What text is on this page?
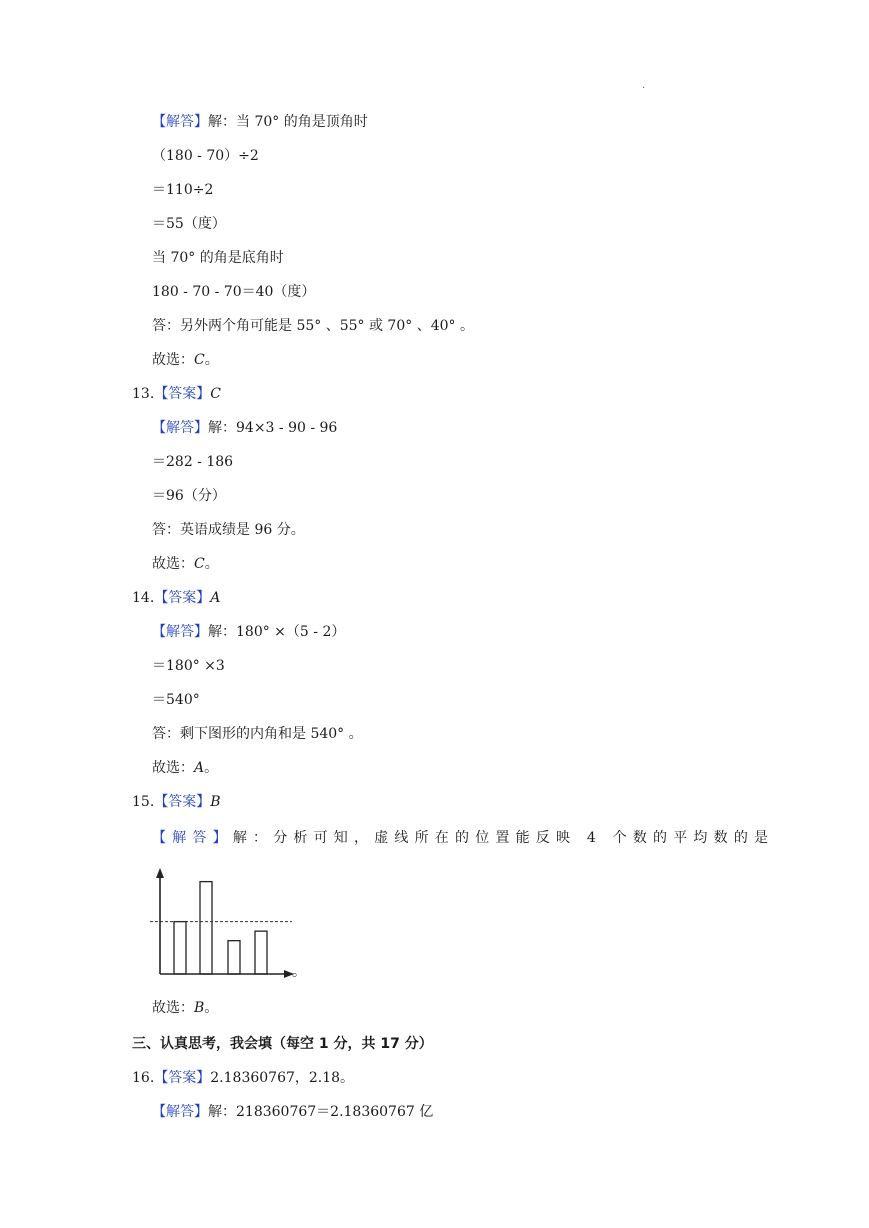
.
【解答】解：当 70° 的角是顶角时
（180 - 70）÷2
＝110÷2
＝55（度）
当 70° 的角是底角时
180 - 70 - 70＝40（度）
答：另外两个角可能是 55° 、55° 或 70° 、40° 。
故选：C。
13.【答案】C
【解答】解：94×3 - 90 - 96
＝282 - 186
＝96（分）
答：英语成绩是 96 分。
故选：C。
14.【答案】A
【解答】解：180° ×（5 - 2）
＝180° ×3
＝540°
答：剩下图形的内角和是 540° 。
故选：A。
15.【答案】B
【解答】解：分析可知，虚线所在的位置能反映 4 个数的平均数的是
。
故选：B。
三、认真思考，我会填（每空 1 分，共 17 分）
16.【答案】2.18360767，2.18。
【解答】解：218360767＝2.18360767 亿
